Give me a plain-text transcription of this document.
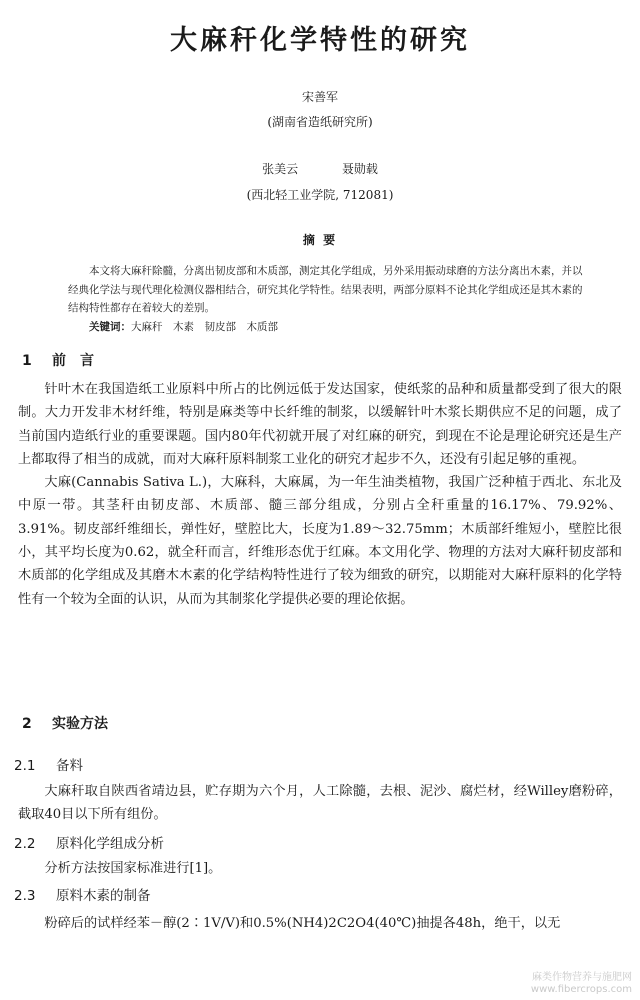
大麻秆化学特性的研究
宋善军
(湖南省造纸研究所)
张美云	聂勋载
(西北轻工业学院, 712081)
摘 要

本文将大麻秆除髓，分离出韧皮部和木质部，测定其化学组成，另外采用振动球磨的方法分离出木素，并以经典化学法与现代理化检测仪器相结合，研究其化学特性。结果表明，两部分原料不论其化学组成还是其木素的结构特性都存在着较大的差别。

关键词：大麻秆　木素　韧皮部　木质部

1 前　言

针叶木在我国造纸工业原料中所占的比例远低于发达国家，使纸浆的品种和质量都受到了很大的限制。大力开发非木材纤维，特别是麻类等中长纤维的制浆，以缓解针叶木浆长期供应不足的问题，成了当前国内造纸行业的重要课题。国内80年代初就开展了对红麻的研究，到现在不论是理论研究还是生产上都取得了相当的成就，而对大麻秆原料制浆工业化的研究才起步不久，还没有引起足够的重视。

大麻(Cannabis Sativa L.)，大麻科，大麻属，为一年生油类植物，我国广泛种植于西北、东北及中原一带。其茎秆由韧皮部、木质部、髓三部分组成，分别占全秆重量的16.17%、79.92%、3.91%。韧皮部纤维细长，弹性好，壁腔比大，长度为1.89～32.75mm；木质部纤维短小，壁腔比很小，其平均长度为0.62，就全秆而言，纤维形态优于红麻。本文用化学、物理的方法对大麻秆韧皮部和木质部的化学组成及其磨木木素的化学结构特性进行了较为细致的研究，以期能对大麻秆原料的化学特性有一个较为全面的认识，从而为其制浆化学提供必要的理论依据。

2 实验方法
2.1 备料

大麻秆取自陕西省靖边县，贮存期为六个月，人工除髓，去根、泥沙、腐烂材，经Willey磨粉碎，截取40目以下所有组份。

2.2 原料化学组成分析

分析方法按国家标准进行[1]。

2.3 原料木素的制备

粉碎后的试样经苯－醇(2∶1V/V)和0.5%(NH4)2C2O4(40℃)抽提各48h，绝干，以无

麻类作物营养与施肥网
www.fibercrops.com
